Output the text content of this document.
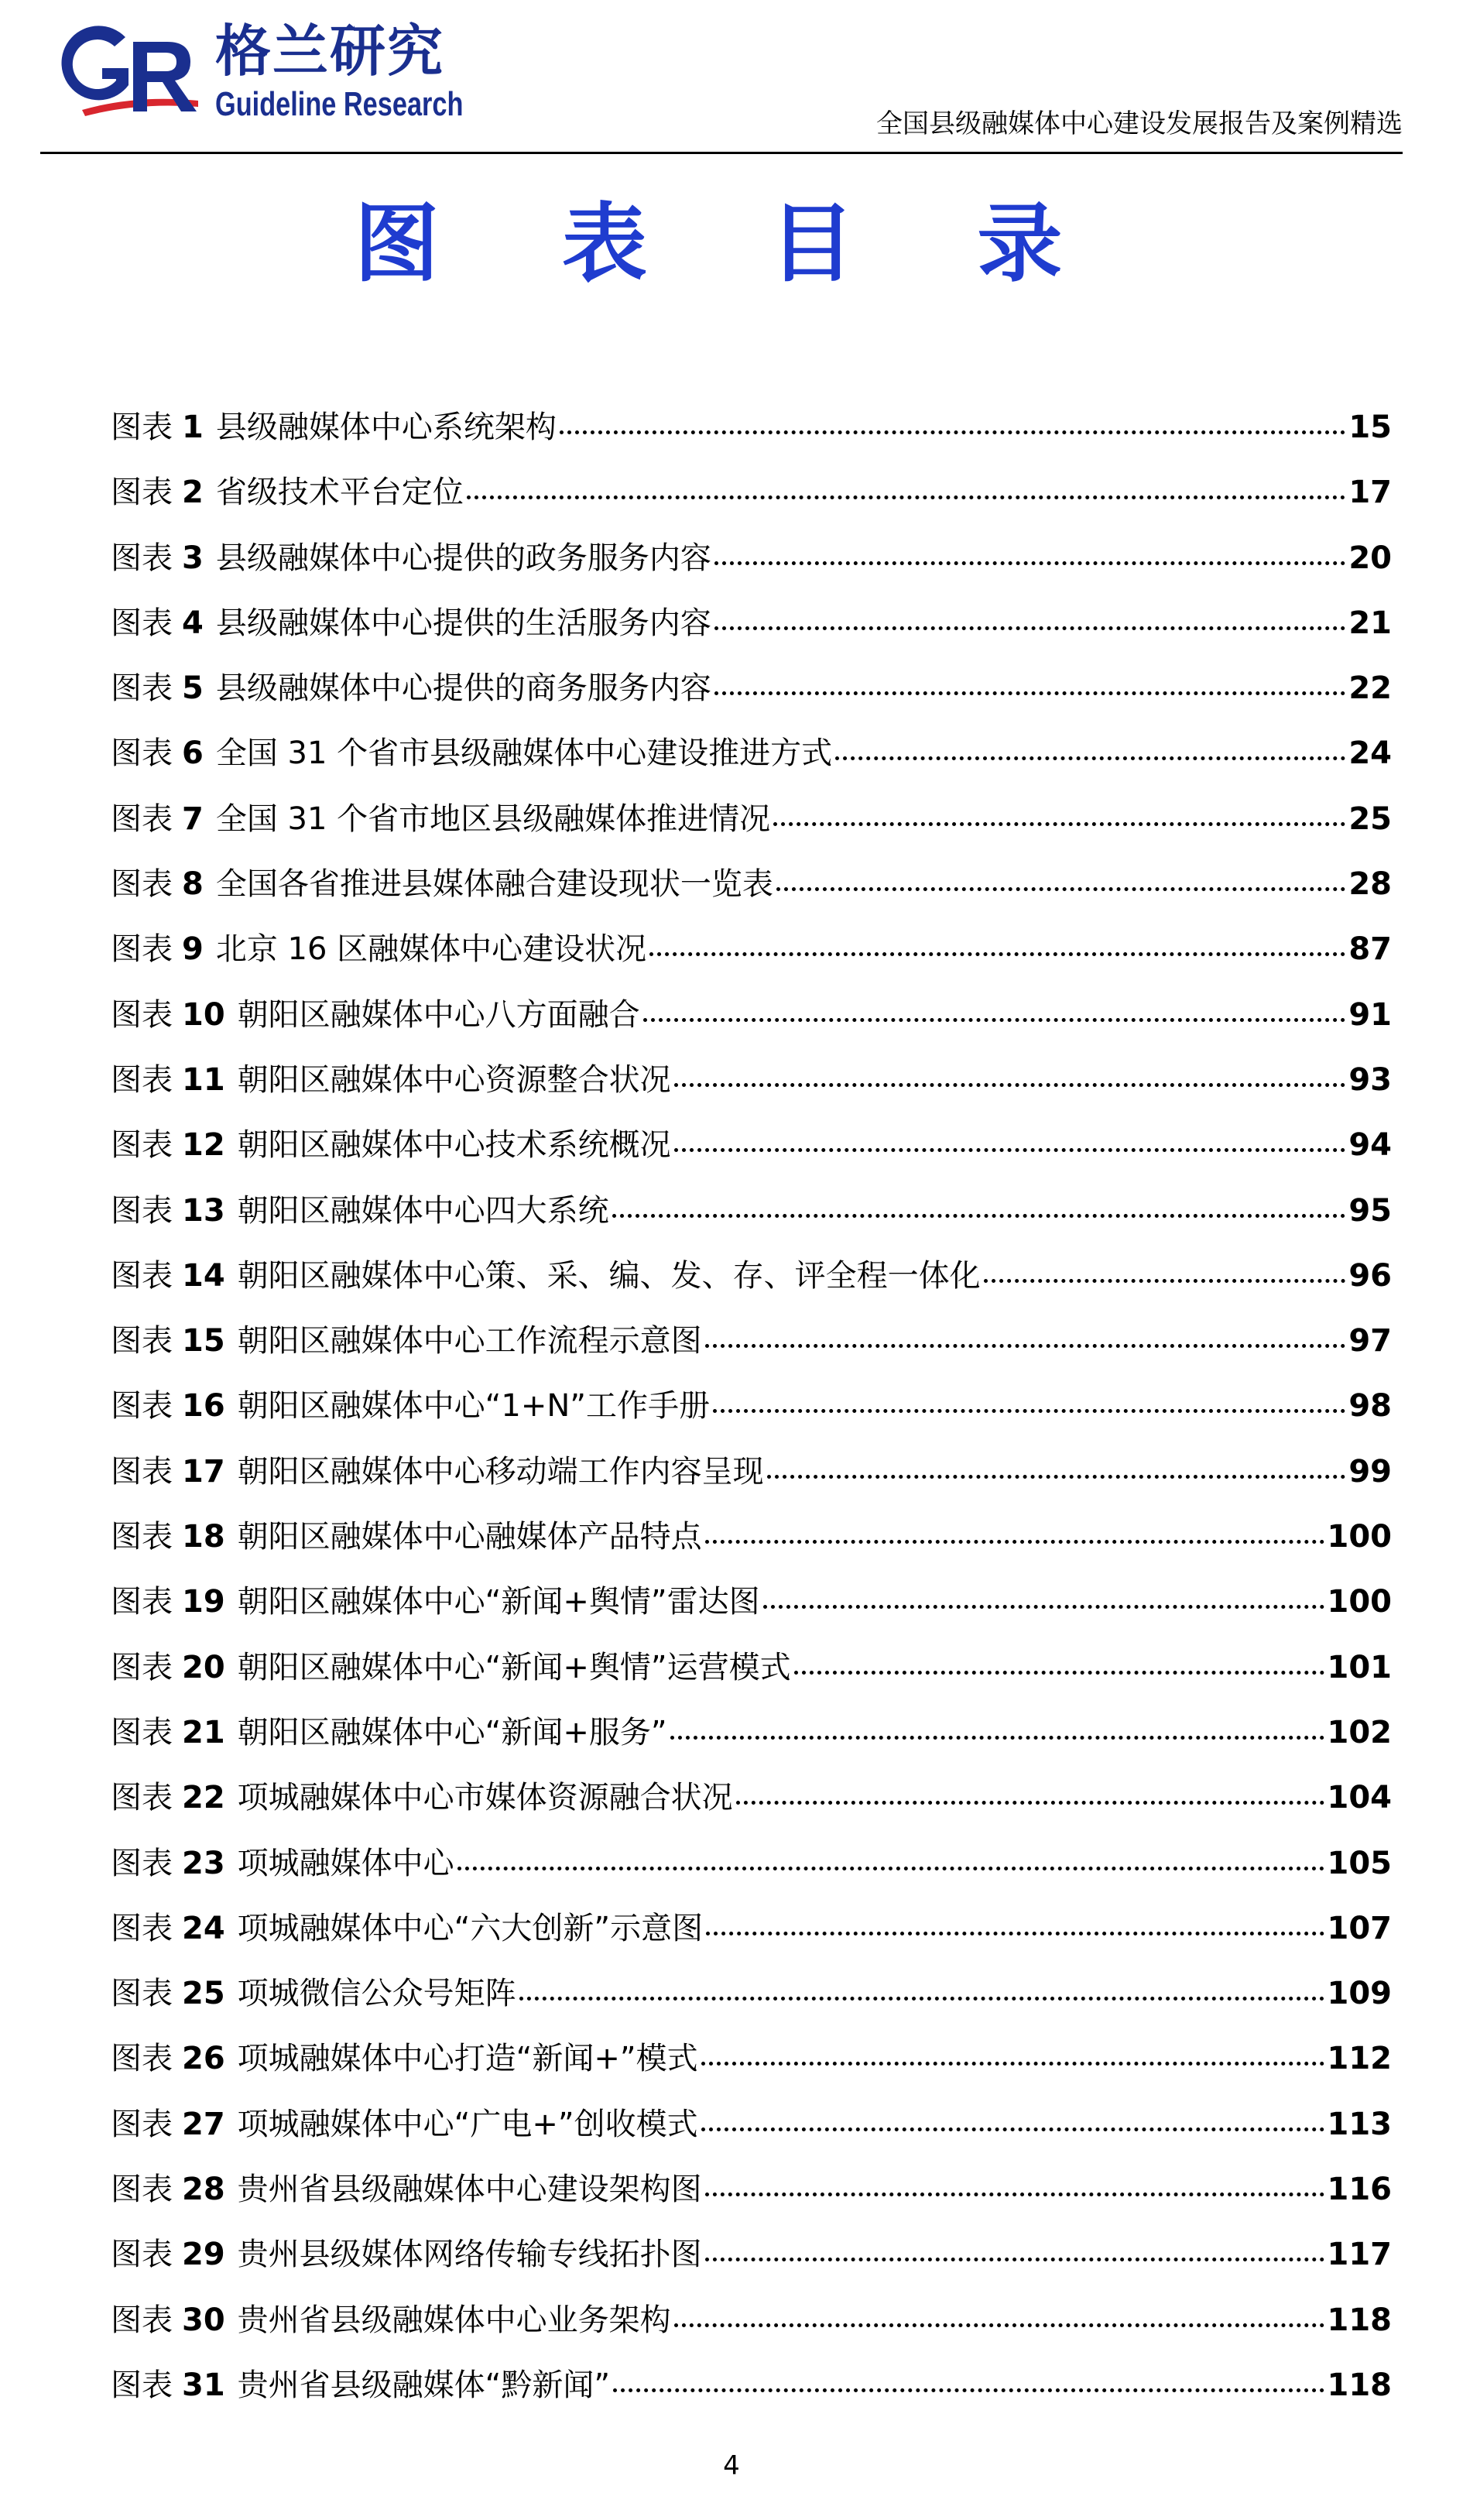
格兰研究
Guideline Research
全国县级融媒体中心建设发展报告及案例精选
图 表 目 录
图表 1 县级融媒体中心系统架构	15
图表 2 省级技术平台定位	17
图表 3 县级融媒体中心提供的政务服务内容	20
图表 4 县级融媒体中心提供的生活服务内容	21
图表 5 县级融媒体中心提供的商务服务内容	22
图表 6 全国 31 个省市县级融媒体中心建设推进方式	24
图表 7 全国 31 个省市地区县级融媒体推进情况	25
图表 8 全国各省推进县媒体融合建设现状一览表	28
图表 9 北京 16 区融媒体中心建设状况	87
图表 10 朝阳区融媒体中心八方面融合	91
图表 11 朝阳区融媒体中心资源整合状况	93
图表 12 朝阳区融媒体中心技术系统概况	94
图表 13 朝阳区融媒体中心四大系统	95
图表 14 朝阳区融媒体中心策、采、编、发、存、评全程一体化	96
图表 15 朝阳区融媒体中心工作流程示意图	97
图表 16 朝阳区融媒体中心“1+N”工作手册	98
图表 17 朝阳区融媒体中心移动端工作内容呈现	99
图表 18 朝阳区融媒体中心融媒体产品特点	100
图表 19 朝阳区融媒体中心“新闻+舆情”雷达图	100
图表 20 朝阳区融媒体中心“新闻+舆情”运营模式	101
图表 21 朝阳区融媒体中心“新闻+服务”	102
图表 22 项城融媒体中心市媒体资源融合状况	104
图表 23 项城融媒体中心	105
图表 24 项城融媒体中心“六大创新”示意图	107
图表 25 项城微信公众号矩阵	109
图表 26 项城融媒体中心打造“新闻+”模式	112
图表 27 项城融媒体中心“广电+”创收模式	113
图表 28 贵州省县级融媒体中心建设架构图	116
图表 29 贵州县级媒体网络传输专线拓扑图	117
图表 30 贵州省县级融媒体中心业务架构	118
图表 31 贵州省县级融媒体“黔新闻”	118
4
